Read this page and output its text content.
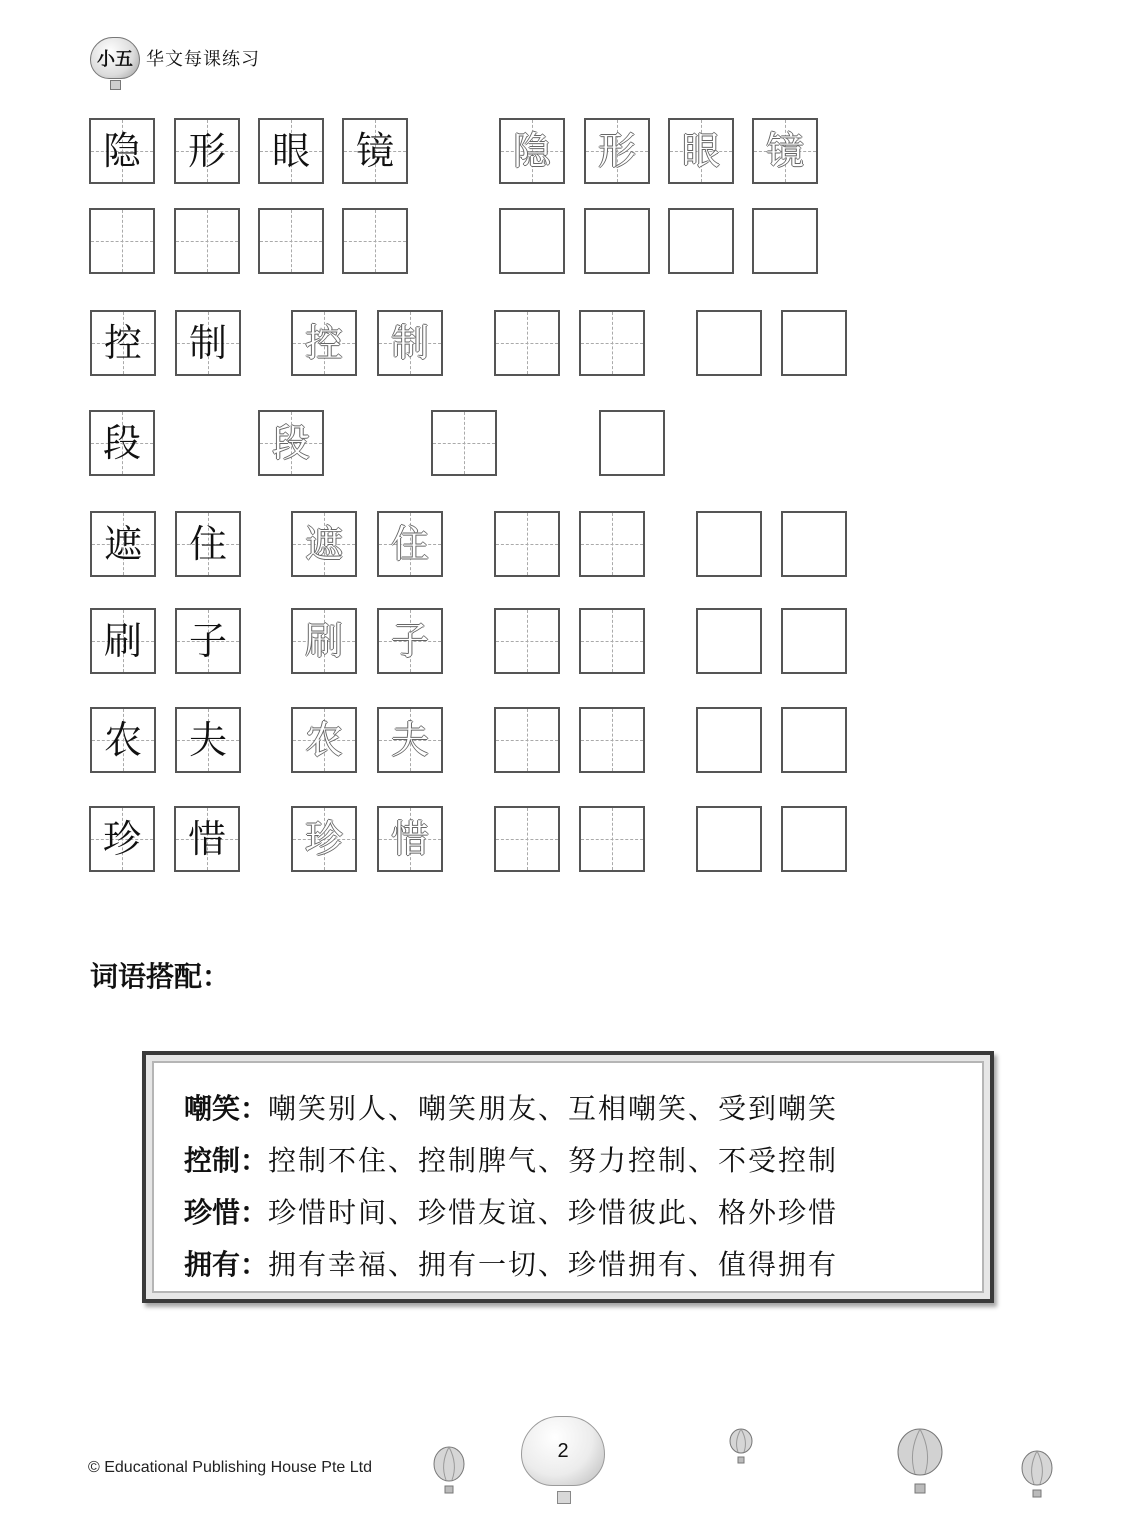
小五 华文每课练习
隐	形	眼	镜	隐	形	眼	镜
控	制	控	制
段	段
遮	住	遮	住
刷	子	刷	子
农	夫	农	夫
珍	惜	珍	惜
词语搭配：
嘲笑： 嘲笑别人、嘲笑朋友、互相嘲笑、受到嘲笑
控制： 控制不住、控制脾气、努力控制、不受控制
珍惜： 珍惜时间、珍惜友谊、珍惜彼此、格外珍惜
拥有： 拥有幸福、拥有一切、珍惜拥有、值得拥有
© Educational Publishing House Pte Ltd
2
